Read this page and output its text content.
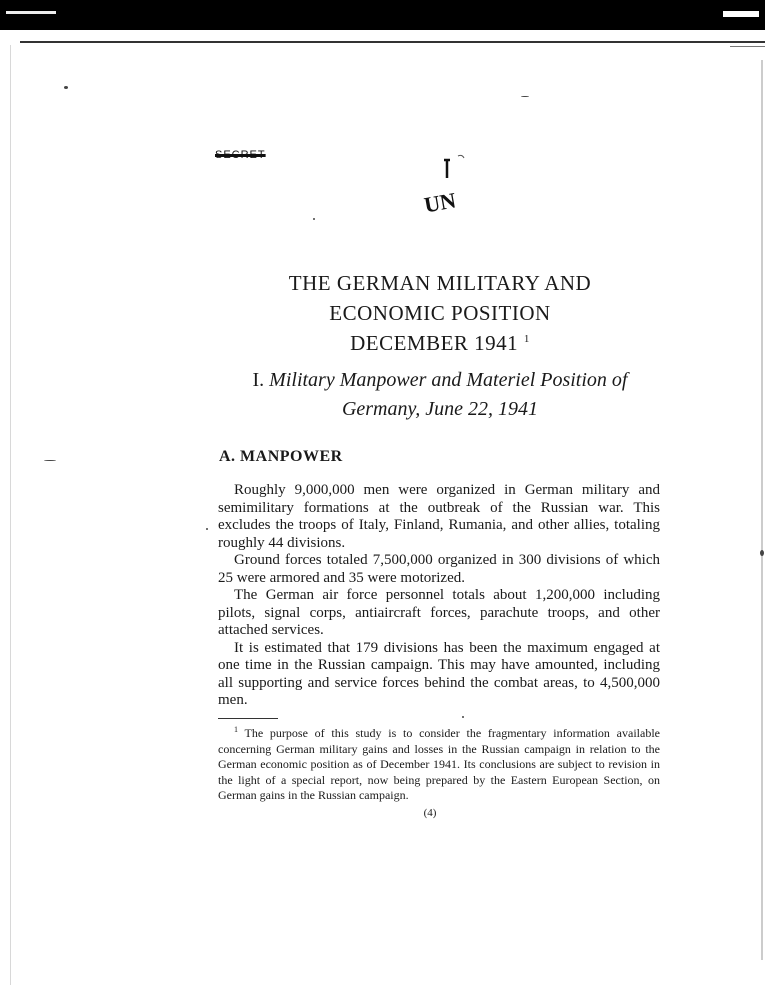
SECRET
UN
THE GERMAN MILITARY AND
ECONOMIC POSITION
DECEMBER 1941 $^1$
I. Military Manpower and Materiel Position of
Germany, June 22, 1941
A. MANPOWER

Roughly 9,000,000 men were organized in German military and semimilitary formations at the outbreak of the Russian war. This excludes the troops of Italy, Finland, Rumania, and other allies, totaling roughly 44 divisions.

Ground forces totaled 7,500,000 organized in 300 divisions of which 25 were armored and 35 were motorized.

The German air force personnel totals about 1,200,000 including pilots, signal corps, antiaircraft forces, parachute troops, and other attached services.

It is estimated that 179 divisions has been the maximum engaged at one time in the Russian campaign. This may have amounted, including all supporting and service forces behind the combat areas, to 4,500,000 men.

$^1$ The purpose of this study is to consider the fragmentary information available concerning German military gains and losses in the Russian campaign in relation to the German economic position as of December 1941. Its conclusions are subject to revision in the light of a special report, now being prepared by the Eastern European Section, on German gains in the Russian campaign.

(4)
